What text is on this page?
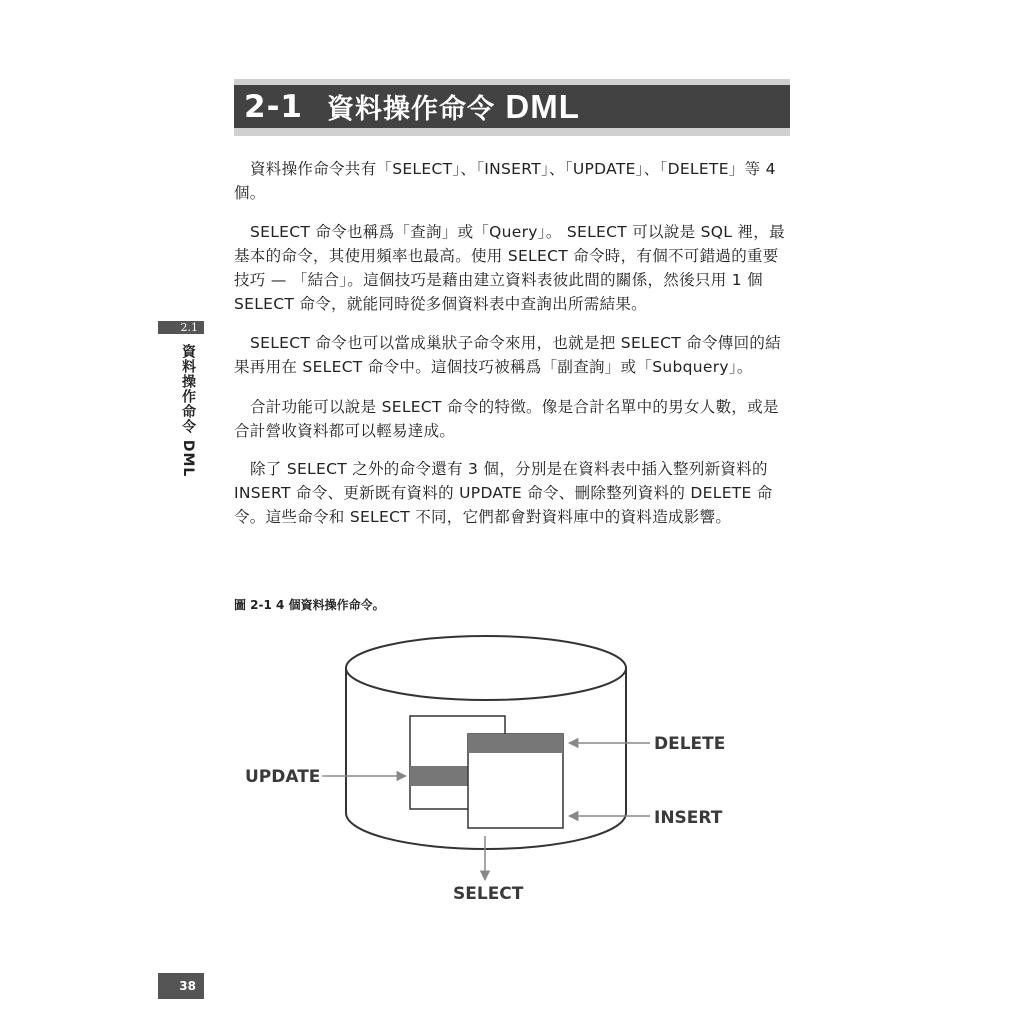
2-1 資料操作命令 DML

資料操作命令共有「SELECT」、「INSERT」、「UPDATE」、「DELETE」等 4 個。

SELECT 命令也稱爲「查詢」或「Query」。 SELECT 可以說是 SQL 裡，最基本的命令，其使用頻率也最高。使用 SELECT 命令時，有個不可錯過的重要技巧 — 「結合」。這個技巧是藉由建立資料表彼此間的關係，然後只用 1 個 SELECT 命令，就能同時從多個資料表中查詢出所需結果。

SELECT 命令也可以當成巢狀子命令來用，也就是把 SELECT 命令傳回的結果再用在 SELECT 命令中。這個技巧被稱爲「副查詢」或「Subquery」。

合計功能可以說是 SELECT 命令的特徵。像是合計名單中的男女人數，或是合計營收資料都可以輕易達成。

除了 SELECT 之外的命令還有 3 個，分別是在資料表中插入整列新資料的 INSERT 命令、更新既有資料的 UPDATE 命令、刪除整列資料的 DELETE 命令。這些命令和 SELECT 不同，它們都會對資料庫中的資料造成影響。

2.1
資料操作命令 DML
圖 2-1 4 個資料操作命令。
UPDATE
DELETE
INSERT
SELECT
38
